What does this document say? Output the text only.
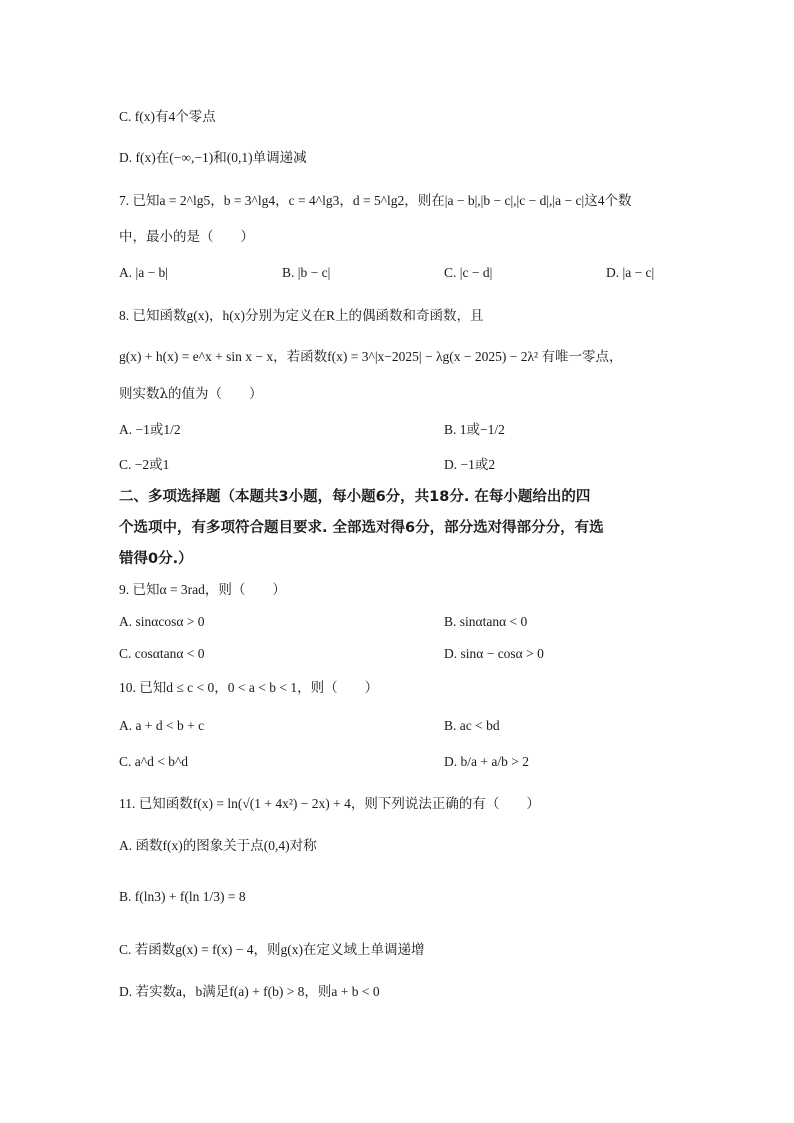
C. f(x)有4个零点
D. f(x)在(−∞,−1)和(0,1)单调递减
7. 已知a = 2^lg5，b = 3^lg4，c = 4^lg3，d = 5^lg2，则在|a − b|,|b − c|,|c − d|,|a − c|这4个数
中，最小的是（　　）
A. |a − b|	B. |b − c|	C. |c − d|	D. |a − c|
8. 已知函数g(x)，h(x)分别为定义在R上的偶函数和奇函数，且
g(x) + h(x) = e^x + sin x − x，若函数f(x) = 3^|x−2025| − λg(x − 2025) − 2λ² 有唯一零点，
则实数λ的值为（　　）
A. −1或1/2	B. 1或−1/2
C. −2或1	D. −1或2
二、多项选择题（本题共3小题，每小题6分，共18分. 在每小题给出的四
个选项中，有多项符合题目要求. 全部选对得6分，部分选对得部分分，有选
错得0分.）
9. 已知α = 3rad，则（　　）
A. sinαcosα > 0	B. sinαtanα < 0
C. cosαtanα < 0	D. sinα − cosα > 0
10. 已知d ≤ c < 0，0 < a < b < 1，则（　　）
A. a + d < b + c	B. ac < bd
C. a^d < b^d	D. b/a + a/b > 2
11. 已知函数f(x) = ln(√(1 + 4x²) − 2x) + 4，则下列说法正确的有（　　）
A. 函数f(x)的图象关于点(0,4)对称
B. f(ln3) + f(ln 1/3) = 8
C. 若函数g(x) = f(x) − 4，则g(x)在定义域上单调递增
D. 若实数a，b满足f(a) + f(b) > 8，则a + b < 0
